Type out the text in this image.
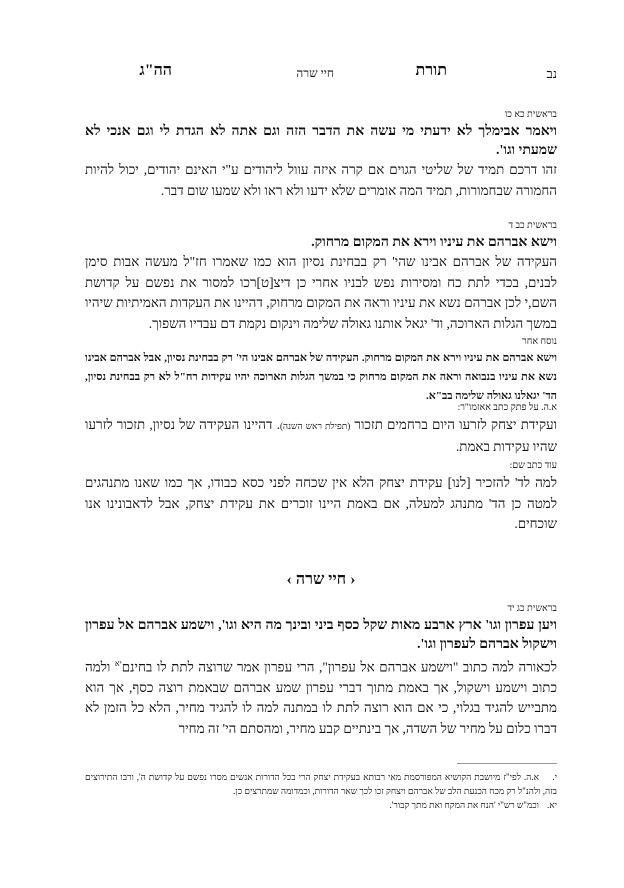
נב
תורת
חיי שרה
הה"ג

בראשית כא כו

ויאמר אבימלך לא ידעתי מי עשה את הדבר הזה וגם אתה לא הגדת לי וגם אנכי לא שמעתי וגו'.

זהו דרכם תמיד של שליטי הגוים אם קרה איזה עוול ליהודים ע"י האינם יהודים, יכול להיות החמורה שבחמורות, תמיד המה אומרים שלא ידעו ולא ראו ולא שמעו שום דבר.

בראשית כב ד

וישא אברהם את עיניו וירא את המקום מרחוק.

העקידה של אברהם אבינו שהי' רק בבחינת נסיון הוא כמו שאמרו חז"ל מעשה אבות סימן לבנים, בכדי לתת כח ומסירות נפש לבניו אחרי כן דיצ[ט]רכו למסור את נפשם על קדושת השם,י לכן אברהם נשא את עיניו וראה את המקום מרחוק, דהיינו את העקדות האמיתיות שיהיו במשך הגלות הארוכה, וד' יגאל אותנו גאולה שלימה וינקום נקמת דם עבדיו השפוך.

נוסח אחר

וישא אברהם את עיניו וירא את המקום מרחוק. העקידה של אברהם אבינו הי' רק בבחינת נסיון, אבל אברהם אבינו נשא את עיניו בנבואה וראה את המקום מרחוק כי במשך הגלות הארוכה יהיו עקידות רח"ל לא רק בבחינת נסיון, הד' יגאלנו גאולה שלימה בב"א.

א.ה. על פתק כתב אאזמו"ר:

ועקידת יצחק לזרעו היום ברחמים תזכור (תפילת ראש השנה). דהיינו העקידה של נסיון, תזכור לזרעו שהיו עקידות באמת.

עוד כתב שם:

למה לד' להזכיר [לנו] עקידת יצחק הלא אין שכחה לפני כסא כבודו, אך כמו שאנו מתנהגים למטה כן הד' מתנהג למעלה, אם באמת היינו זוכרים את עקידת יצחק, אבל לדאבונינו אנו שוכחים.

‹ חיי שרה ›

בראשית כג יד

ויען עפרון וגו' ארץ ארבע מאות שקל כסף ביני ובינך מה היא וגו', וישמע אברהם אל עפרון וישקול אברהם לעפרון וגו'.

לכאורה למה כתוב "וישמע אברהם אל עפרון", הרי עפרון אמר שרוצה לתת לו בחינם$^{יא}$ ולמה כתוב וישמע וישקול, אך באמת מתוך דברי עפרון שמע אברהם שבאמת רוצה כסף, אך הוא מתבייש להגיד בגלוי, כי אם הוא רוצה לתת לו במתנה למה לו להגיד מחיר, הלא כל הזמן לא דברו כלום על מחיר של השדה, אך בינתיים קבע מחיר, ומהסתם הי' זה מחיר

י.א.ה. לפי"ז מיושבת הקושיא המפורסמת מאי רבותא בעקידת יצחק הרי בכל הדורות אנשים מסרו נפשם על קדושת ה', ורבו התירוצים בזה, ולהנ"ל רק מכח הכנעת הלב של אברהם ויצחק זכו לכך שאר הדורות, וכמדומה שמתרצים כן.

יא.וכמ"ש רש"י 'הנח את המקח ואת מתך קבור'.
